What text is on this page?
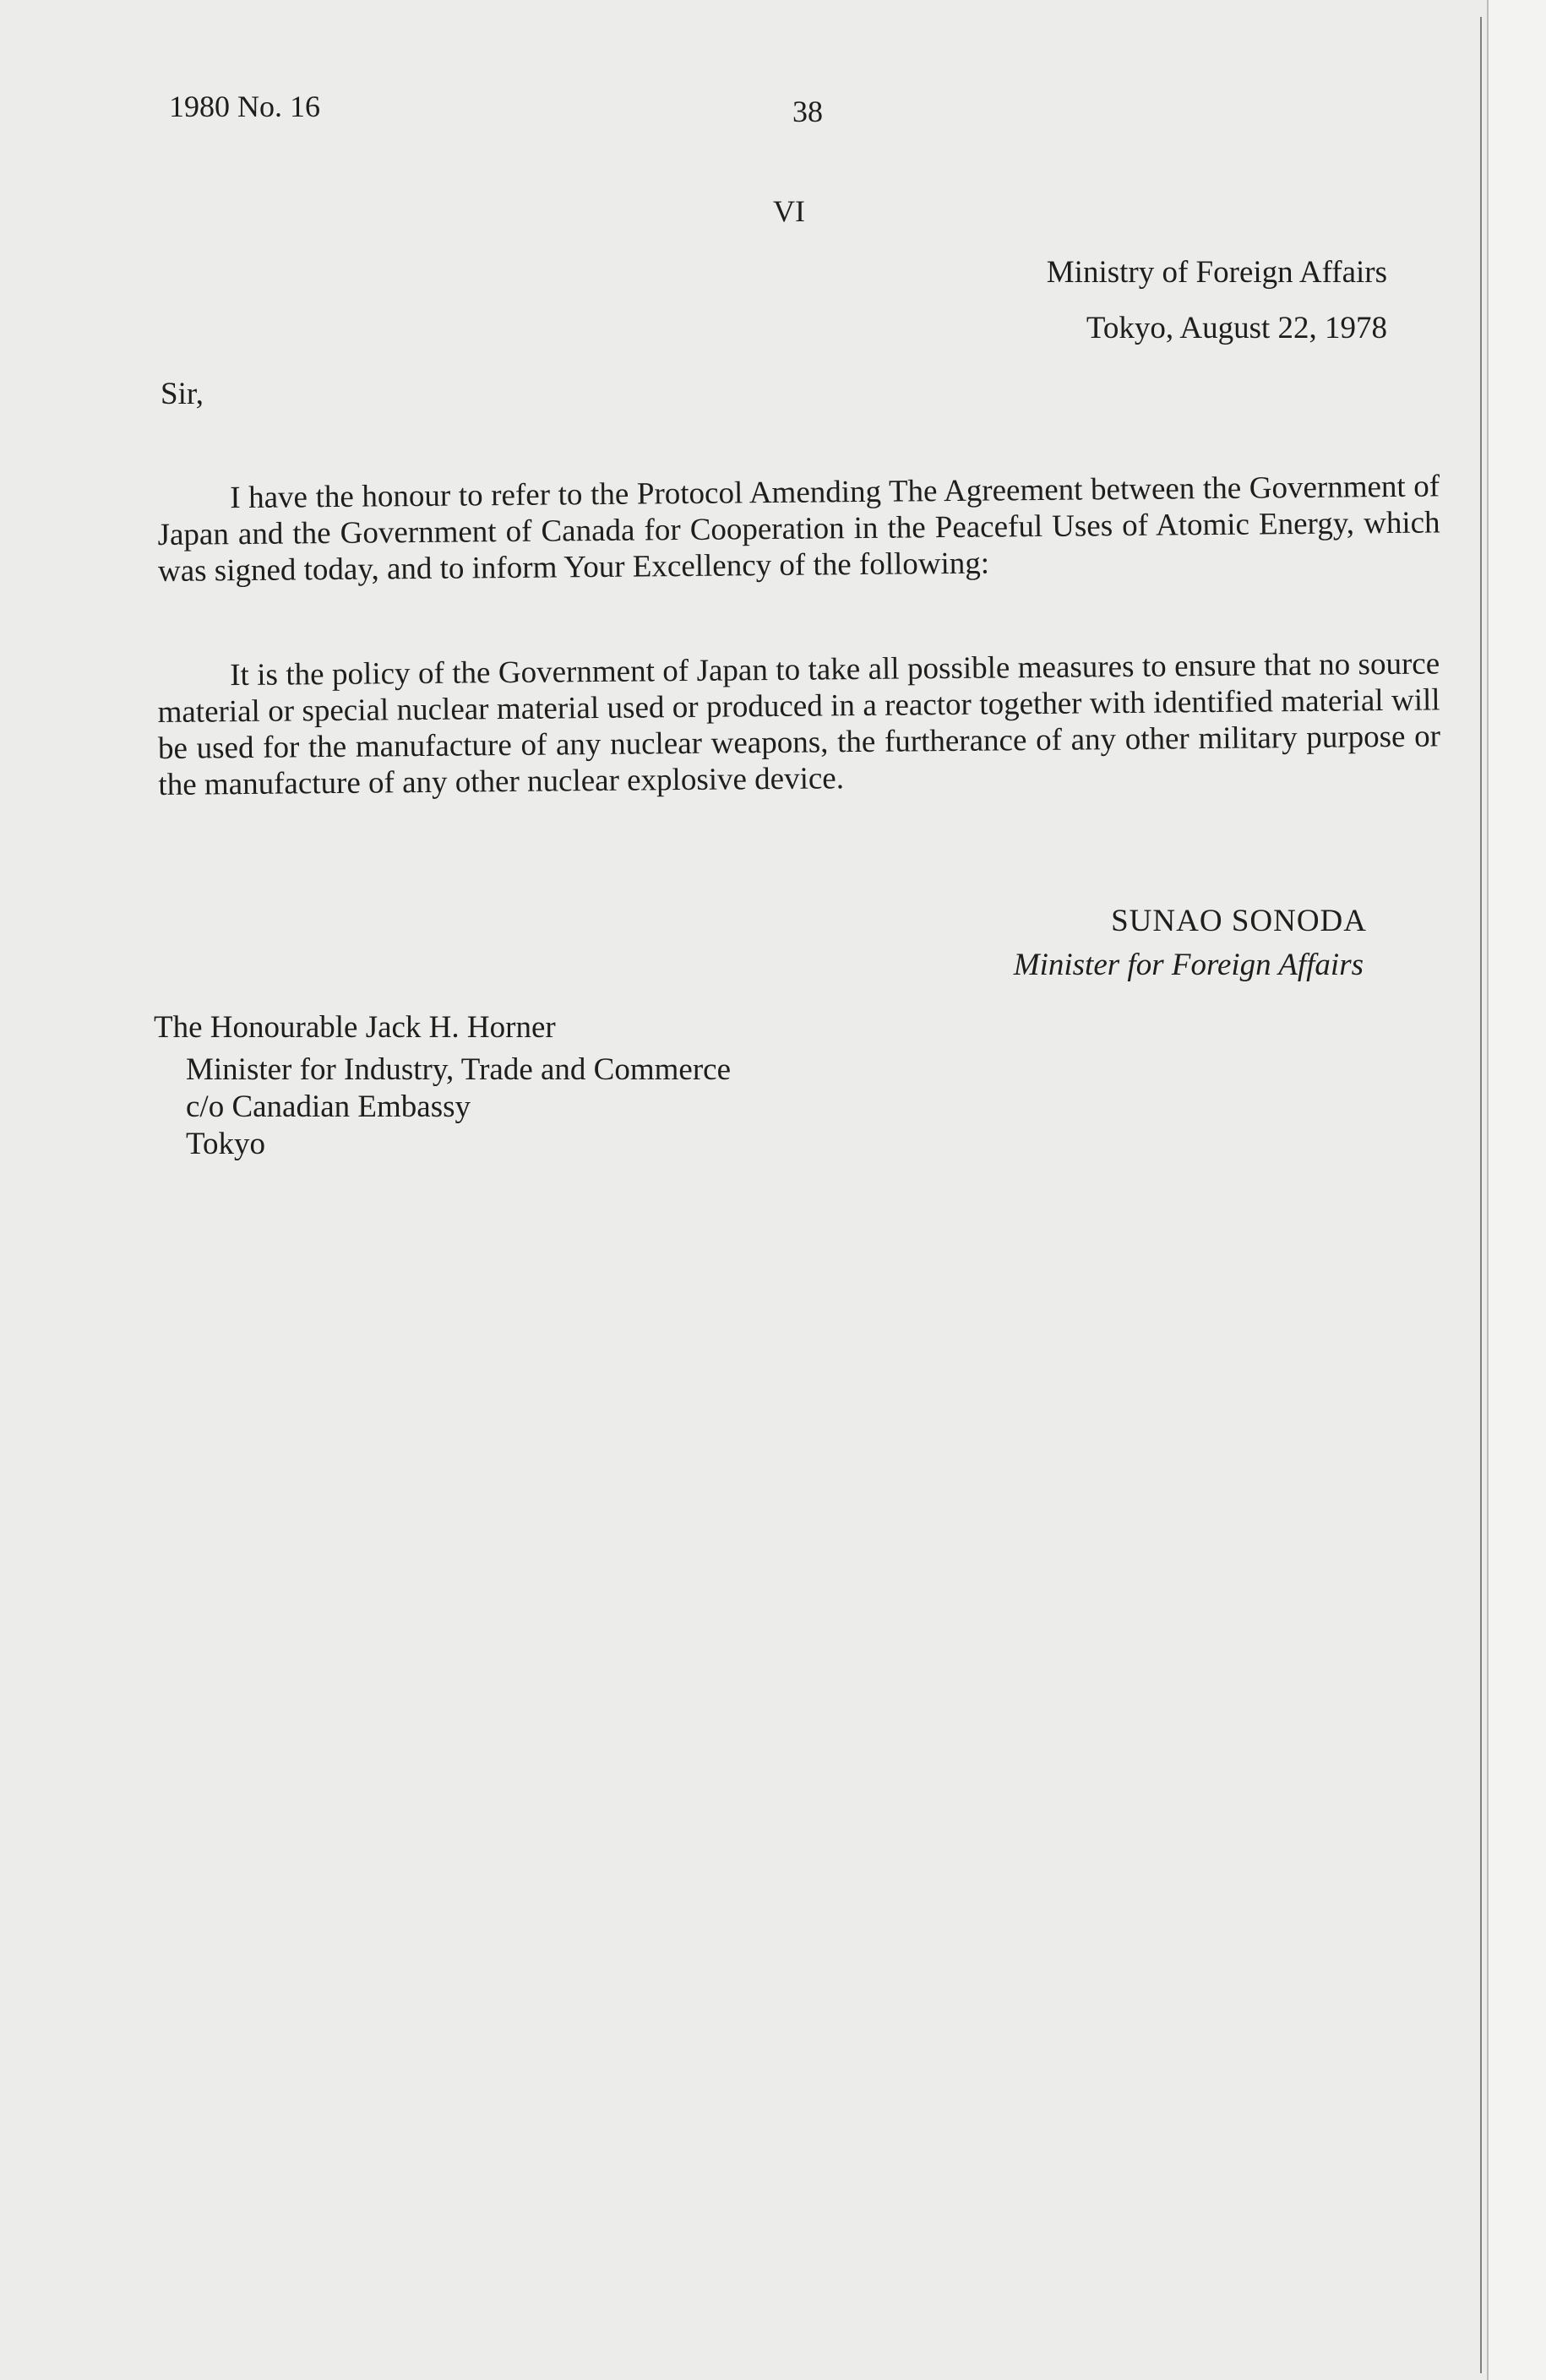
1980 No. 16	38
VI
Ministry of Foreign Affairs
Tokyo, August 22, 1978
Sir,

I have the honour to refer to the Protocol Amending The Agreement between the Government of Japan and the Government of Canada for Cooperation in the Peaceful Uses of Atomic Energy, which was signed today, and to inform Your Excellency of the following:

It is the policy of the Government of Japan to take all possible measures to ensure that no source material or special nuclear material used or produced in a reactor together with identified material will be used for the manufacture of any nuclear weapons, the furtherance of any other military purpose or the manufacture of any other nuclear explosive device.

SUNAO SONODA
Minister for Foreign Affairs
The Honourable Jack H. Horner
Minister for Industry, Trade and Commerce
c/o Canadian Embassy
Tokyo
